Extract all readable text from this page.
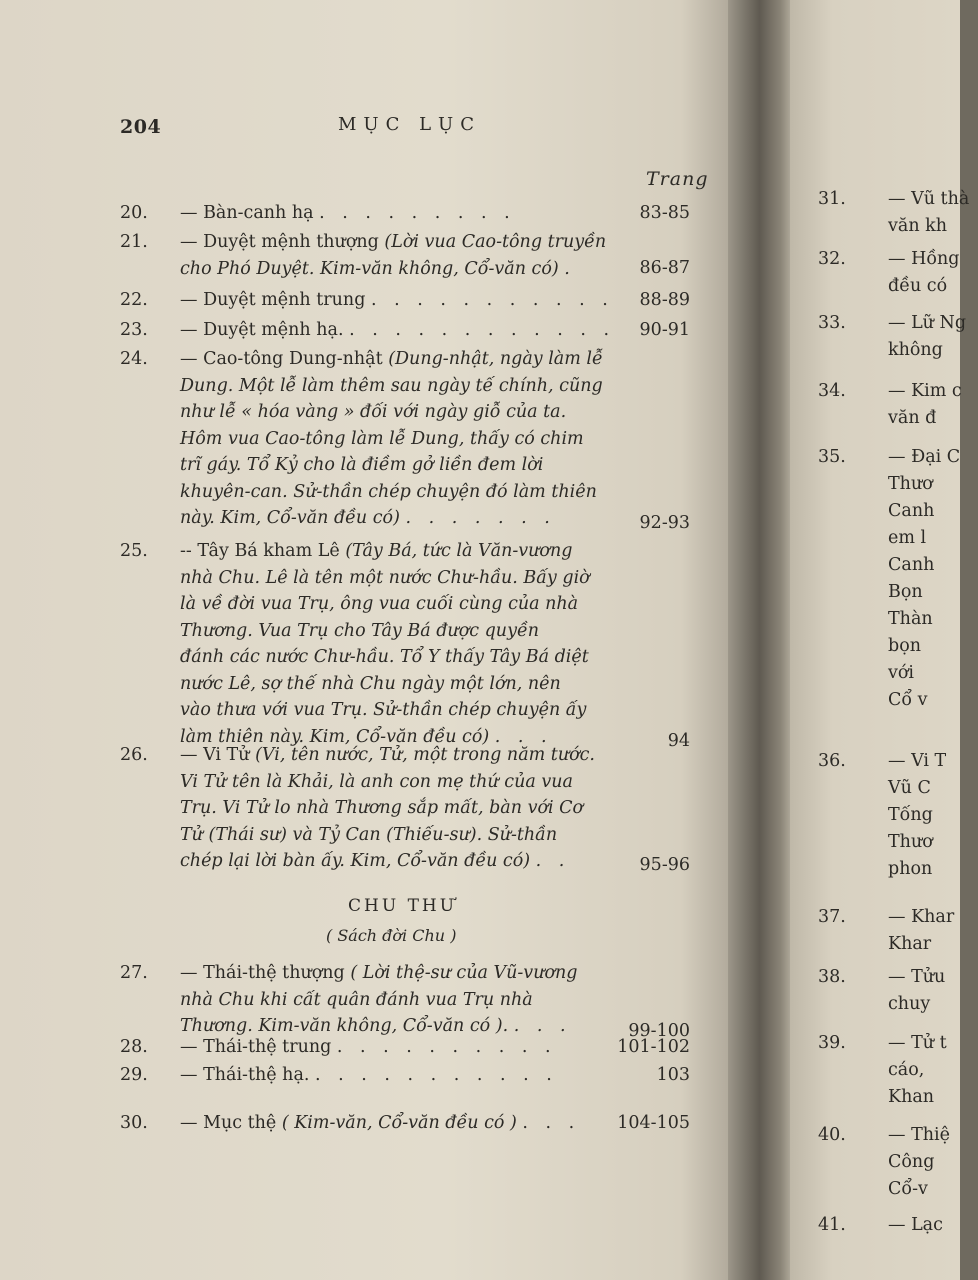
204	MỤC LỤC
Trang
20. — Bàn-canh hạ . . . . . . . . .	83-85
21. — Duyệt mệnh thượng (Lời vua Cao-tông truyền
cho Phó Duyệt. Kim-văn không, Cổ-văn có) .	86-87
22. — Duyệt mệnh trung . . . . . . . . . . .	88-89
23. — Duyệt mệnh hạ. . . . . . . . . . . . .	90-91
24. — Cao-tông Dung-nhật (Dung-nhật, ngày làm lễ
Dung. Một lễ làm thêm sau ngày tế chính, cũng
như lễ « hóa vàng » đối với ngày giỗ của ta.
Hôm vua Cao-tông làm lễ Dung, thấy có chim
trĩ gáy. Tổ Kỷ cho là điềm gở liền đem lời
khuyên-can. Sử-thần chép chuyện đó làm thiên
này. Kim, Cổ-văn đều có) . . . . . . .	92-93
25. -- Tây Bá kham Lê (Tây Bá, tức là Văn-vương
nhà Chu. Lê là tên một nước Chư-hầu. Bấy giờ
là về đời vua Trụ, ông vua cuối cùng của nhà
Thương. Vua Trụ cho Tây Bá được quyền
đánh các nước Chư-hầu. Tổ Y thấy Tây Bá diệt
nước Lê, sợ thế nhà Chu ngày một lớn, nên
vào thưa với vua Trụ. Sử-thần chép chuyện ấy
làm thiên này. Kim, Cổ-văn đều có) . . .	94
26. — Vi Tử (Vi, tên nước, Tử, một trong năm tước.
Vi Tử tên là Khải, là anh con mẹ thứ của vua
Trụ. Vi Tử lo nhà Thương sắp mất, bàn với Cơ
Tử (Thái sư) và Tỷ Can (Thiếu-sư). Sử-thần
chép lại lời bàn ấy. Kim, Cổ-văn đều có) . .	95-96
CHU THƯ
( Sách đời Chu )
27. — Thái-thệ thượng ( Lời thệ-sư của Vũ-vương
nhà Chu khi cất quân đánh vua Trụ nhà
Thương. Kim-văn không, Cổ-văn có ). . . .	99-100
28. — Thái-thệ trung . . . . . . . . . .	101-102
29. — Thái-thệ hạ. . . . . . . . . . . .	103
30. — Mục thệ ( Kim-văn, Cổ-văn đều có ) . . .	104-105
31. — Vũ thà
văn kh
32. — Hồng
đều có
33. — Lữ Ng
không
34. — Kim c
văn đ
35. — Đại C
Thươ
Canh
em l
Canh
Bọn
Thàn
bọn
với
Cổ v
36. — Vi T
Vũ C
Tống
Thươ
phon
37. — Khar
Khar
38. — Tửu
chuy
39. — Tử t
cáo,
Khan
40. — Thiệ
Công
Cổ-v
41. — Lạc
